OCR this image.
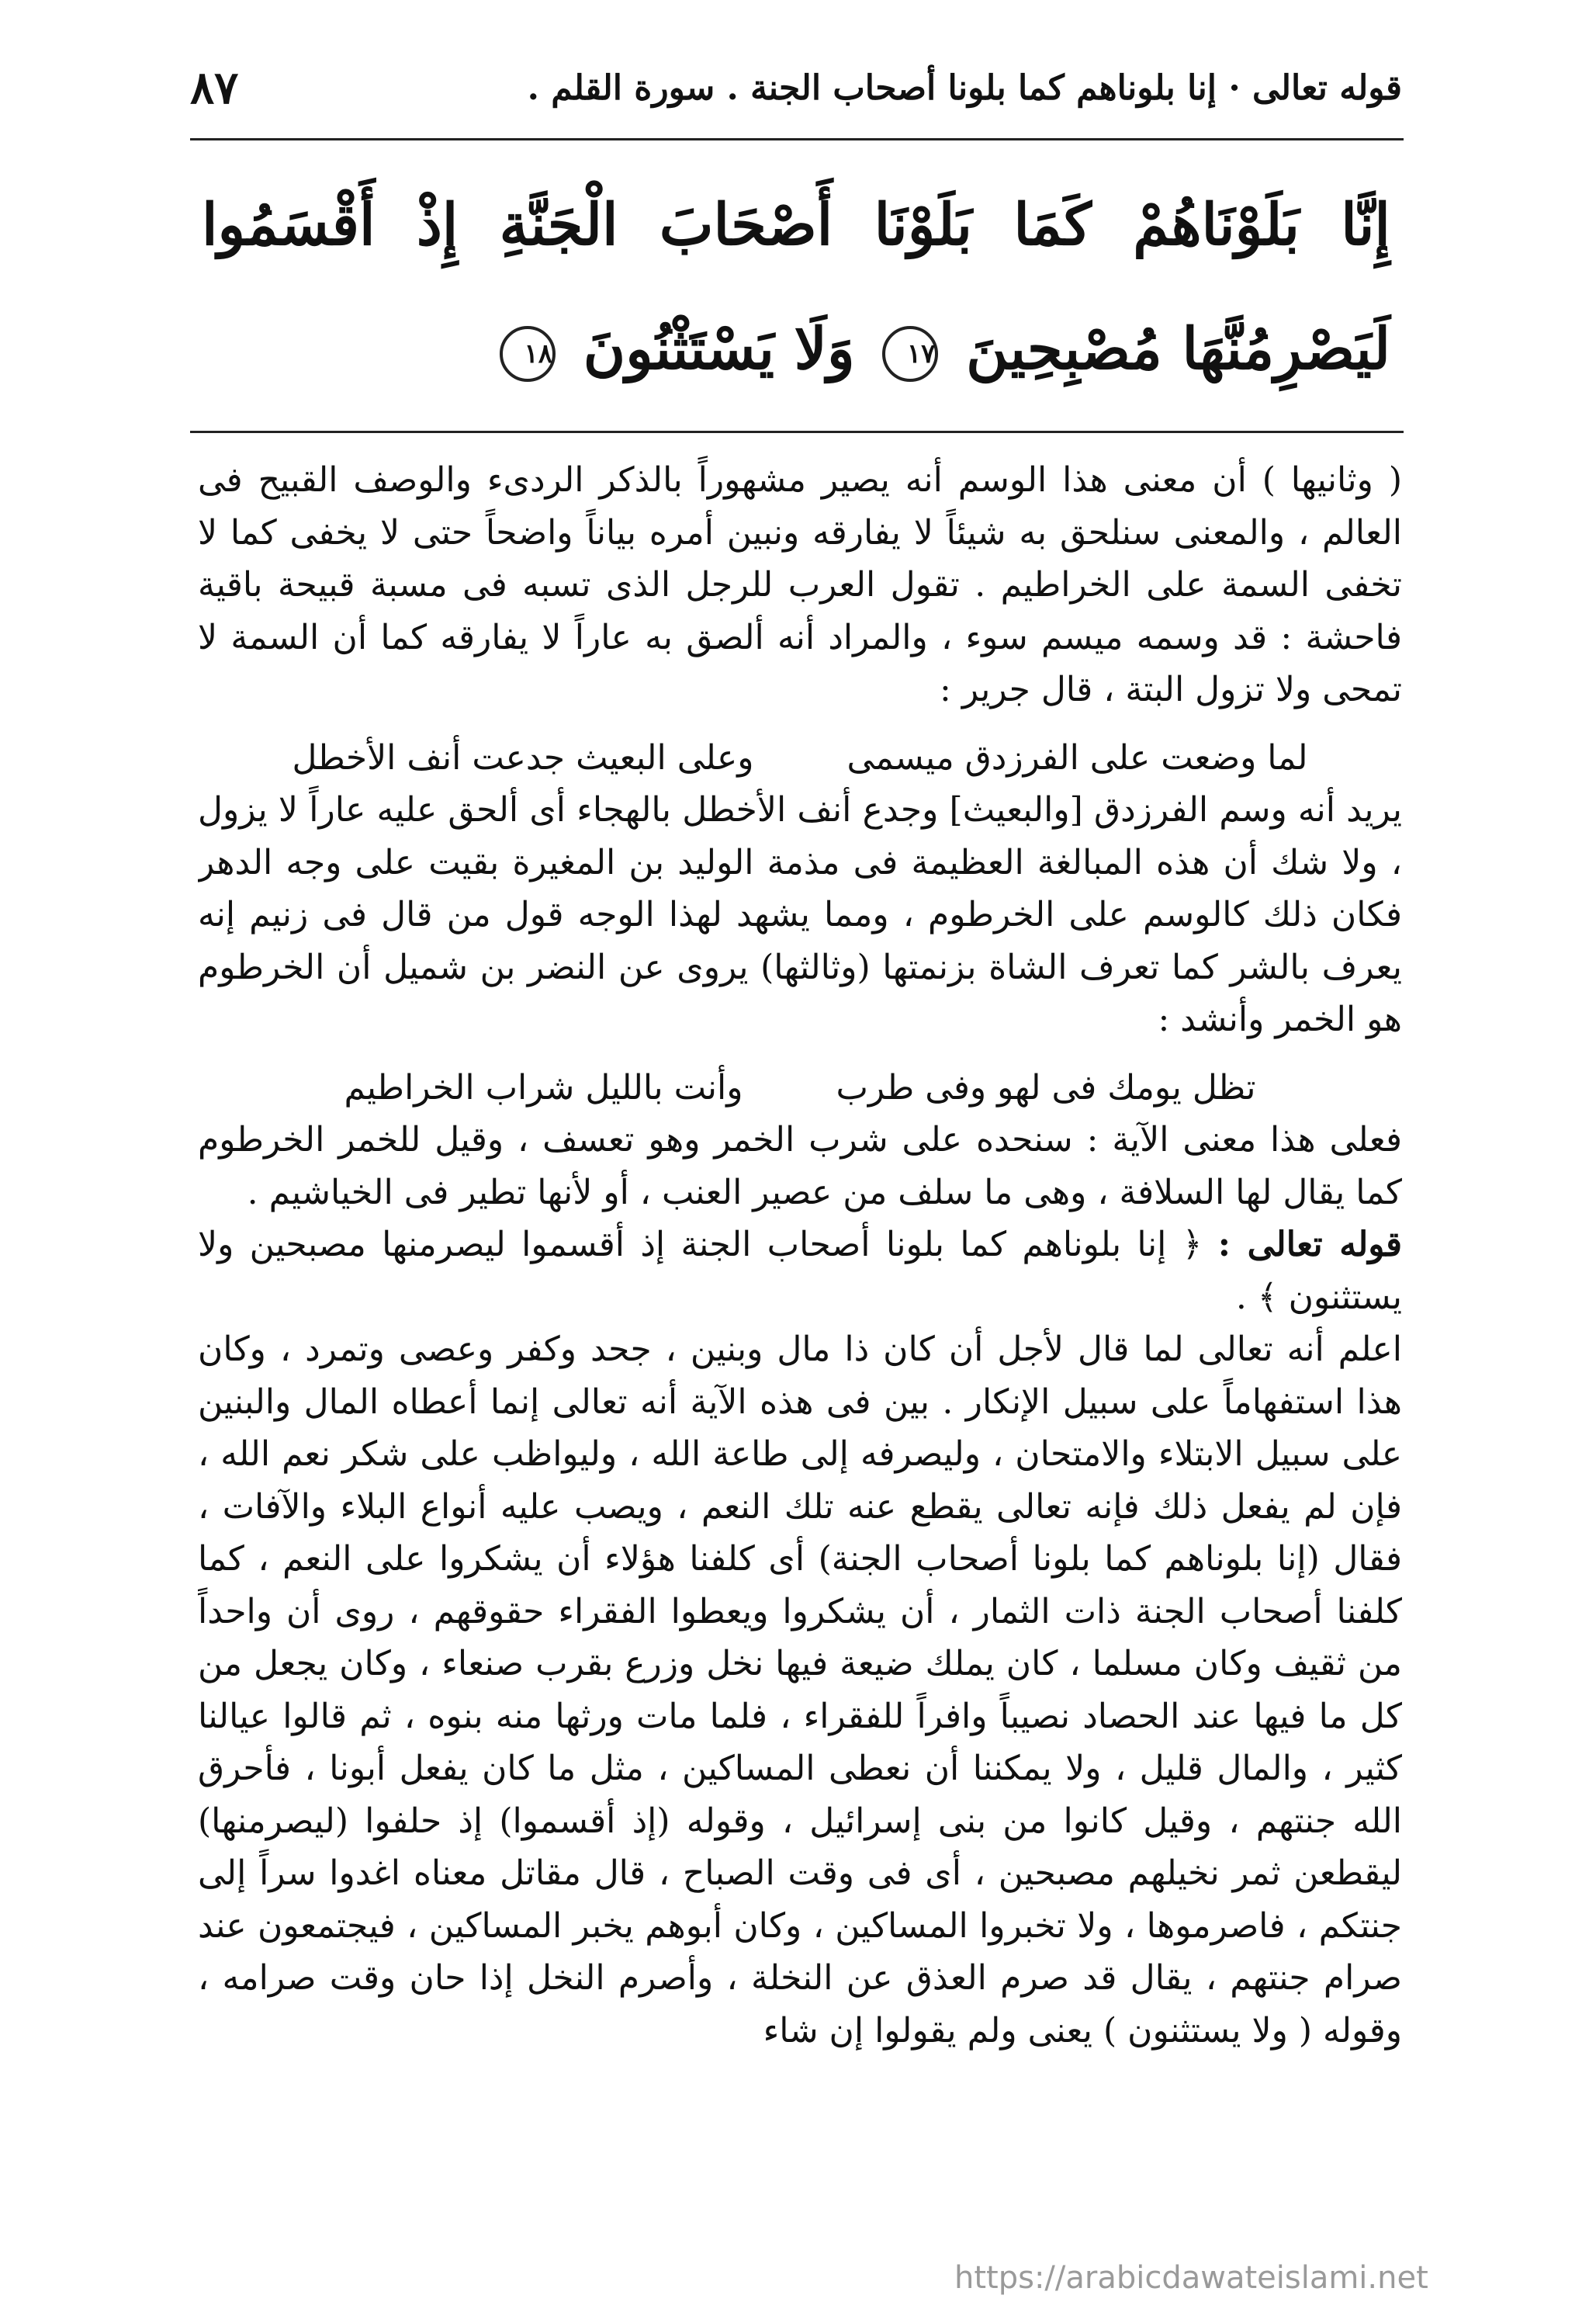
قوله تعالى · إنا بلوناهم كما بلونا أصحاب الجنة . سورة القلم .
٨٧
إِنَّا بَلَوْنَاهُمْ كَمَا بَلَوْنَا أَصْحَابَ الْجَنَّةِ إِذْ أَقْسَمُوا لَيَصْرِمُنَّهَا مُصْبِحِينَ ١٧ وَلَا يَسْتَثْنُونَ ١٨

( وثانيها ) أن معنى هذا الوسم أنه يصير مشهوراً بالذكر الردىء والوصف القبيح فى العالم ، والمعنى سنلحق به شيئاً لا يفارقه ونبين أمره بياناً واضحاً حتى لا يخفى كما لا تخفى السمة على الخراطيم . تقول العرب للرجل الذى تسبه فى مسبة قبيحة باقية فاحشة : قد وسمه ميسم سوء ، والمراد أنه ألصق به عاراً لا يفارقه كما أن السمة لا تمحى ولا تزول البتة ، قال جرير :

لما وضعت على الفرزدق ميسمى
وعلى البعيث جدعت أنف الأخطل

يريد أنه وسم الفرزدق [والبعيث] وجدع أنف الأخطل بالهجاء أى ألحق عليه عاراً لا يزول ، ولا شك أن هذه المبالغة العظيمة فى مذمة الوليد بن المغيرة بقيت على وجه الدهر فكان ذلك كالوسم على الخرطوم ، ومما يشهد لهذا الوجه قول من قال فى زنيم إنه يعرف بالشر كما تعرف الشاة بزنمتها (وثالثها) يروى عن النضر بن شميل أن الخرطوم هو الخمر وأنشد :

تظل يومك فى لهو وفى طرب
وأنت بالليل شراب الخراطيم

فعلى هذا معنى الآية : سنحده على شرب الخمر وهو تعسف ، وقيل للخمر الخرطوم كما يقال لها السلافة ، وهى ما سلف من عصير العنب ، أو لأنها تطير فى الخياشيم .

قوله تعالى : ﴿ إنا بلوناهم كما بلونا أصحاب الجنة إذ أقسموا ليصرمنها مصبحين ولا يستثنون ﴾ .

اعلم أنه تعالى لما قال لأجل أن كان ذا مال وبنين ، جحد وكفر وعصى وتمرد ، وكان هذا استفهاماً على سبيل الإنكار . بين فى هذه الآية أنه تعالى إنما أعطاه المال والبنين على سبيل الابتلاء والامتحان ، وليصرفه إلى طاعة الله ، وليواظب على شكر نعم الله ، فإن لم يفعل ذلك فإنه تعالى يقطع عنه تلك النعم ، ويصب عليه أنواع البلاء والآفات ، فقال (إنا بلوناهم كما بلونا أصحاب الجنة) أى كلفنا هؤلاء أن يشكروا على النعم ، كما كلفنا أصحاب الجنة ذات الثمار ، أن يشكروا ويعطوا الفقراء حقوقهم ، روى أن واحداً من ثقيف وكان مسلما ، كان يملك ضيعة فيها نخل وزرع بقرب صنعاء ، وكان يجعل من كل ما فيها عند الحصاد نصيباً وافراً للفقراء ، فلما مات ورثها منه بنوه ، ثم قالوا عيالنا كثير ، والمال قليل ، ولا يمكننا أن نعطى المساكين ، مثل ما كان يفعل أبونا ، فأحرق الله جنتهم ، وقيل كانوا من بنى إسرائيل ، وقوله (إذ أقسموا) إذ حلفوا (ليصرمنها) ليقطعن ثمر نخيلهم مصبحين ، أى فى وقت الصباح ، قال مقاتل معناه اغدوا سراً إلى جنتكم ، فاصرموها ، ولا تخبروا المساكين ، وكان أبوهم يخبر المساكين ، فيجتمعون عند صرام جنتهم ، يقال قد صرم العذق عن النخلة ، وأصرم النخل إذا حان وقت صرامه ، وقوله ( ولا يستثنون ) يعنى ولم يقولوا إن شاء

https://arabicdawateislami.net
